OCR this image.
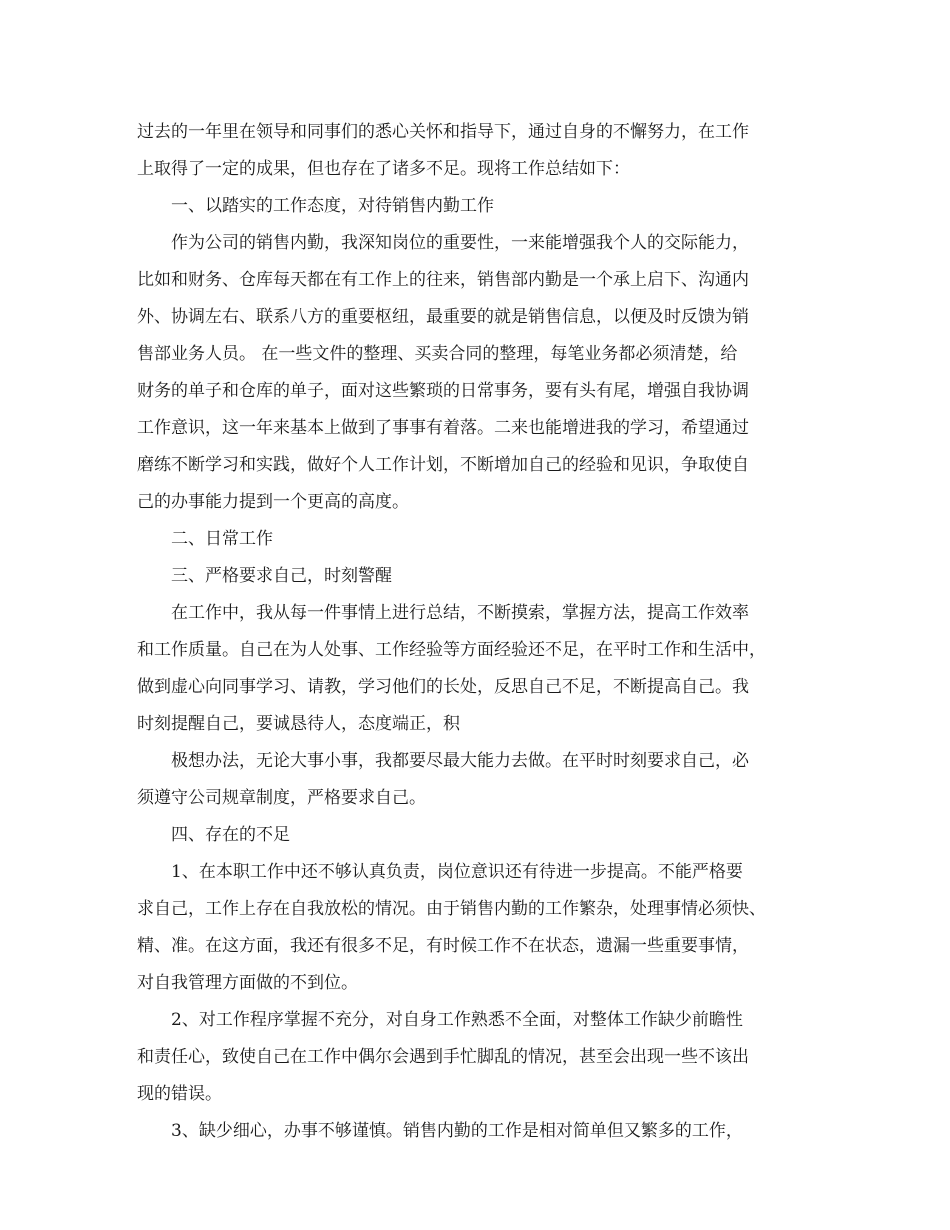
过去的一年里在领导和同事们的悉心关怀和指导下，通过自身的不懈努力，在工作
上取得了一定的成果，但也存在了诸多不足。现将工作总结如下：
一、以踏实的工作态度，对待销售内勤工作
作为公司的销售内勤，我深知岗位的重要性，一来能增强我个人的交际能力，
比如和财务、仓库每天都在有工作上的往来，销售部内勤是一个承上启下、沟通内
外、协调左右、联系八方的重要枢纽，最重要的就是销售信息，以便及时反馈为销
售部业务人员。 在一些文件的整理、买卖合同的整理，每笔业务都必须清楚，给
财务的单子和仓库的单子，面对这些繁琐的日常事务，要有头有尾，增强自我协调
工作意识，这一年来基本上做到了事事有着落。二来也能增进我的学习，希望通过
磨练不断学习和实践，做好个人工作计划，不断增加自己的经验和见识，争取使自
己的办事能力提到一个更高的高度。
二、日常工作
三、严格要求自己，时刻警醒
在工作中，我从每一件事情上进行总结，不断摸索，掌握方法，提高工作效率
和工作质量。自己在为人处事、工作经验等方面经验还不足，在平时工作和生活中，
做到虚心向同事学习、请教，学习他们的长处，反思自己不足，不断提高自己。我
时刻提醒自己，要诚恳待人，态度端正，积
极想办法，无论大事小事，我都要尽最大能力去做。在平时时刻要求自己，必
须遵守公司规章制度，严格要求自己。
四、存在的不足
1、在本职工作中还不够认真负责，岗位意识还有待进一步提高。不能严格要
求自己，工作上存在自我放松的情况。由于销售内勤的工作繁杂，处理事情必须快、
精、准。在这方面，我还有很多不足，有时候工作不在状态，遗漏一些重要事情，
对自我管理方面做的不到位。
2、对工作程序掌握不充分，对自身工作熟悉不全面，对整体工作缺少前瞻性
和责任心，致使自己在工作中偶尔会遇到手忙脚乱的情况，甚至会出现一些不该出
现的错误。
3、缺少细心，办事不够谨慎。销售内勤的工作是相对简单但又繁多的工作，
